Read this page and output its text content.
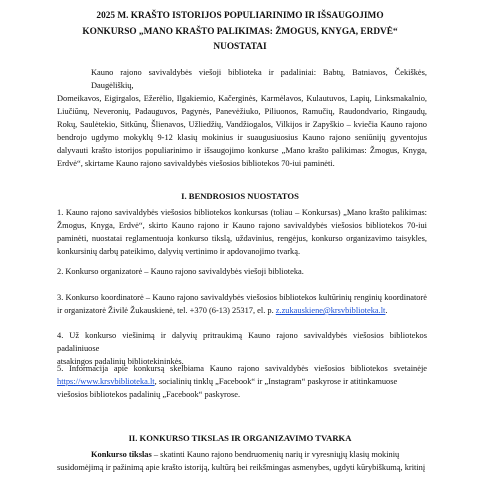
2025 M. KRAŠTO ISTORIJOS POPULIARINIMO IR IŠSAUGOJIMO
KONKURSO „MANO KRAŠTO PALIKIMAS: ŽMOGUS, KNYGA, ERDVĖ“
NUOSTATAI
Kauno rajono savivaldybės viešoji biblioteka ir padaliniai: Babtų, Batniavos, Čekiškės, Daugėliškių,
Domeikavos, Eigirgalos, Ežerėlio, Ilgakiemio, Kačerginės, Karmėlavos, Kulautuvos, Lapių, Linksmakalnio,
Liučiūnų, Neveronių, Padauguvos, Pagynės, Panevėžiuko, Piliuonos, Ramučių, Raudondvario, Ringaudų,
Rokų, Saulėtekio, Sitkūnų, Šlienavos, Užliedžių, Vandžiogalos, Vilkijos ir Zapyškio – kviečia Kauno rajono
bendrojo ugdymo mokyklų 9-12 klasių mokinius ir suaugusiuosius Kauno rajono seniūnijų gyventojus
dalyvauti krašto istorijos populiarinimo ir išsaugojimo konkurse „Mano krašto palikimas: Žmogus, Knyga,
Erdvė“, skirtame Kauno rajono savivaldybės viešosios bibliotekos 70-iui paminėti.
I. BENDROSIOS NUOSTATOS
1. Kauno rajono savivaldybės viešosios bibliotekos konkursas (toliau – Konkursas) „Mano krašto palikimas:
Žmogus, Knyga, Erdvė“, skirto Kauno rajono ir Kauno rajono savivaldybės viešosios bibliotekos 70-iui
paminėti, nuostatai reglamentuoja konkurso tikslą, uždavinius, rengėjus, konkurso organizavimo taisykles,
konkursinių darbų pateikimo, dalyvių vertinimo ir apdovanojimo tvarką.
2. Konkurso organizatorė – Kauno rajono savivaldybės viešoji biblioteka.
3. Konkurso koordinatorė – Kauno rajono savivaldybės viešosios bibliotekos kultūrinių renginių koordinatorė
ir organizatorė Živilė Žukauskienė, tel. +370 (6-13) 25317, el. p. z.zukauskiene@krsvbiblioteka.lt.
4. Už konkurso viešinimą ir dalyvių pritraukimą Kauno rajono savivaldybės viešosios bibliotekos padaliniuose
atsakingos padalinių bibliotekininkės.
5. Informacija apie konkursą skelbiama Kauno rajono savivaldybės viešosios bibliotekos svetainėje
https://www.krsvbiblioteka.lt, socialinių tinklų „Facebook“ ir „Instagram“ paskyrose ir atitinkamuose
viešosios bibliotekos padalinių „Facebook“ paskyrose.
II. KONKURSO TIKSLAS IR ORGANIZAVIMO TVARKA
Konkurso tikslas – skatinti Kauno rajono bendruomenių narių ir vyresniųjų klasių mokinių
susidomėjimą ir pažinimą apie krašto istoriją, kultūrą bei reikšmingas asmenybes, ugdyti kūrybiškumą, kritinį
